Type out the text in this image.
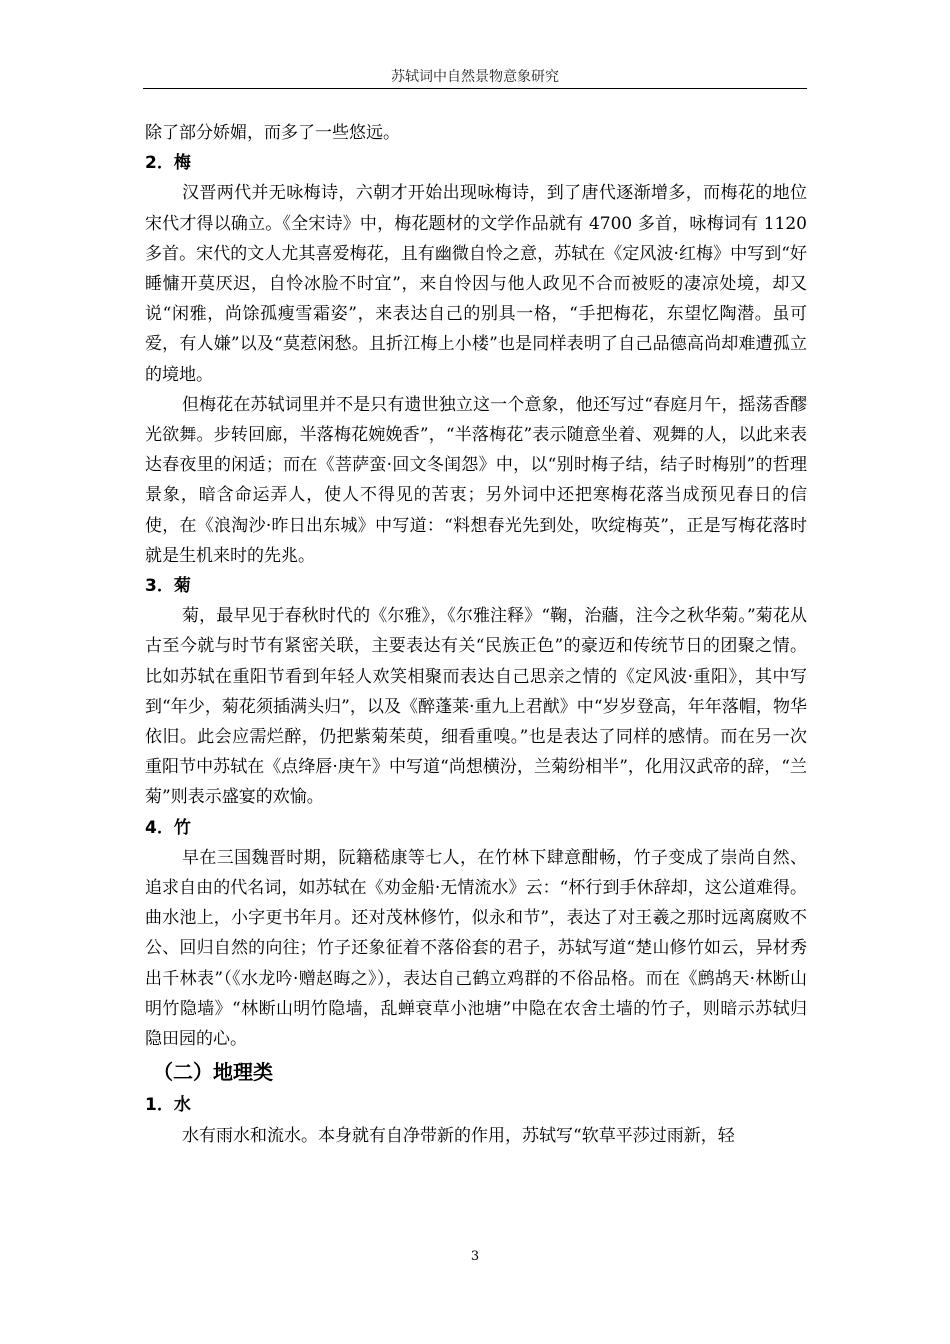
苏轼词中自然景物意象研究

除了部分娇媚，而多了一些悠远。

2．梅

汉晋两代并无咏梅诗，六朝才开始出现咏梅诗，到了唐代逐渐增多，而梅花的地位宋代才得以确立。《全宋诗》中，梅花题材的文学作品就有 4700 多首，咏梅词有 1120 多首。宋代的文人尤其喜爱梅花，且有幽微自怜之意，苏轼在《定风波·红梅》中写到“好睡慵开莫厌迟，自怜冰脸不时宜”，来自怜因与他人政见不合而被贬的凄凉处境，却又说“闲雅，尚馀孤瘦雪霜姿”，来表达自己的别具一格，“手把梅花，东望忆陶潜。虽可爱，有人嫌”以及“莫惹闲愁。且折江梅上小楼”也是同样表明了自己品德高尚却难遭孤立的境地。

但梅花在苏轼词里并不是只有遗世独立这一个意象，他还写过“春庭月午，摇荡香醪光欲舞。步转回廊，半落梅花婉娩香”，“半落梅花”表示随意坐着、观舞的人，以此来表达春夜里的闲适；而在《菩萨蛮·回文冬闺怨》中，以“别时梅子结，结子时梅别”的哲理景象，暗含命运弄人，使人不得见的苦衷；另外词中还把寒梅花落当成预见春日的信使，在《浪淘沙·昨日出东城》中写道：“料想春光先到处，吹绽梅英”，正是写梅花落时就是生机来时的先兆。

3．菊

菊，最早见于春秋时代的《尔雅》，《尔雅注释》“鞠，治蘠，注今之秋华菊。”菊花从古至今就与时节有紧密关联，主要表达有关“民族正色”的豪迈和传统节日的团聚之情。比如苏轼在重阳节看到年轻人欢笑相聚而表达自己思亲之情的《定风波·重阳》，其中写到“年少，菊花须插满头归”，以及《醉蓬莱·重九上君猷》中“岁岁登高，年年落帽，物华依旧。此会应需烂醉，仍把紫菊茱萸，细看重嗅。”也是表达了同样的感情。而在另一次重阳节中苏轼在《点绛唇·庚午》中写道“尚想横汾，兰菊纷相半”，化用汉武帝的辞，“兰菊”则表示盛宴的欢愉。

4．竹

早在三国魏晋时期，阮籍嵇康等七人，在竹林下肆意酣畅，竹子变成了崇尚自然、追求自由的代名词，如苏轼在《劝金船·无情流水》云：“杯行到手休辞却，这公道难得。曲水池上，小字更书年月。还对茂林修竹，似永和节”，表达了对王羲之那时远离腐败不公、回归自然的向往；竹子还象征着不落俗套的君子，苏轼写道“楚山修竹如云，异材秀出千林表”（《水龙吟·赠赵晦之》），表达自己鹤立鸡群的不俗品格。而在《鹧鸪天·林断山明竹隐墙》“林断山明竹隐墙，乱蝉衰草小池塘”中隐在农舍土墙的竹子，则暗示苏轼归隐田园的心。

（二）地理类

1．水

水有雨水和流水。本身就有自净带新的作用，苏轼写“软草平莎过雨新，轻

3
